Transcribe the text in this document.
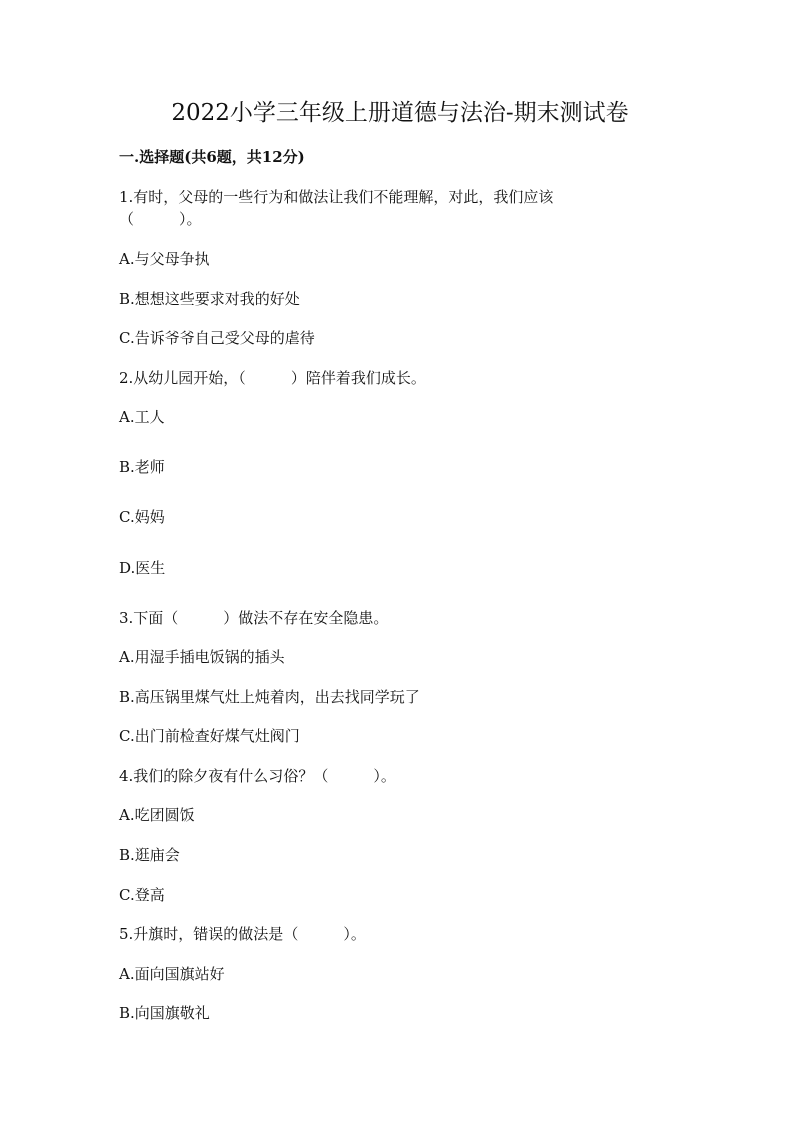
2022小学三年级上册道德与法治-期末测试卷

一.选择题(共6题，共12分)

1.有时，父母的一些行为和做法让我们不能理解，对此，我们应该（　　　）。

A.与父母争执

B.想想这些要求对我的好处

C.告诉爷爷自己受父母的虐待

2.从幼儿园开始，（　　　）陪伴着我们成长。

A.工人

B.老师

C.妈妈

D.医生

3.下面（　　　）做法不存在安全隐患。

A.用湿手插电饭锅的插头

B.高压锅里煤气灶上炖着肉，出去找同学玩了

C.出门前检查好煤气灶阀门

4.我们的除夕夜有什么习俗？（　　　）。

A.吃团圆饭

B.逛庙会

C.登高

5.升旗时，错误的做法是（　　　）。

A.面向国旗站好

B.向国旗敬礼
